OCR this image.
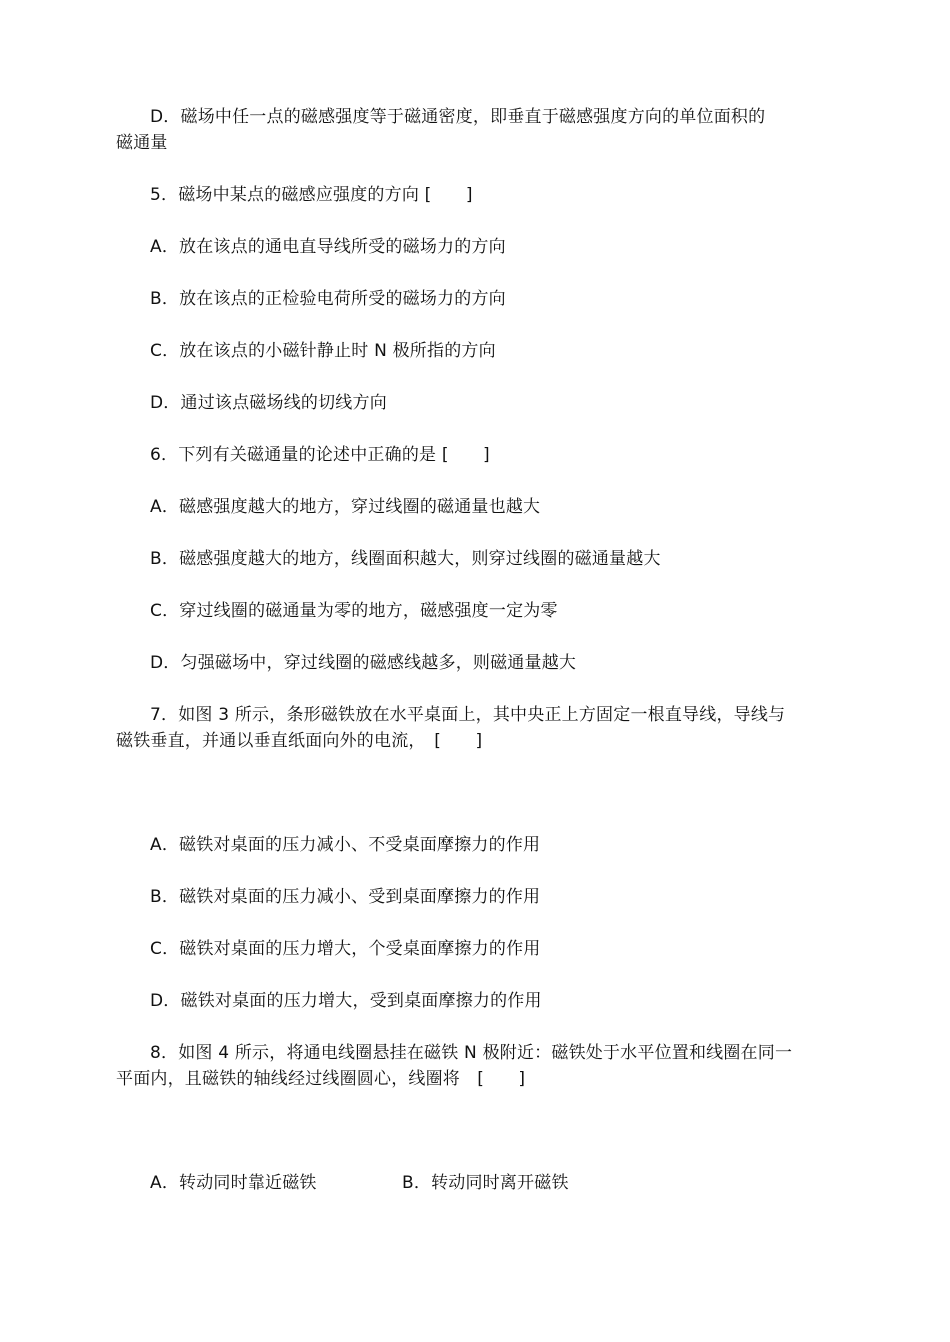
D．磁场中任一点的磁感强度等于磁通密度，即垂直于磁感强度方向的单位面积的
磁通量
5．磁场中某点的磁感应强度的方向 [　　]
A．放在该点的通电直导线所受的磁场力的方向
B．放在该点的正检验电荷所受的磁场力的方向
C．放在该点的小磁针静止时 N 极所指的方向
D．通过该点磁场线的切线方向
6．下列有关磁通量的论述中正确的是 [　　]
A．磁感强度越大的地方，穿过线圈的磁通量也越大
B．磁感强度越大的地方，线圈面积越大，则穿过线圈的磁通量越大
C．穿过线圈的磁通量为零的地方，磁感强度一定为零
D．匀强磁场中，穿过线圈的磁感线越多，则磁通量越大
7．如图 3 所示，条形磁铁放在水平桌面上，其中央正上方固定一根直导线，导线与
磁铁垂直，并通以垂直纸面向外的电流，　[　　]
A．磁铁对桌面的压力减小、不受桌面摩擦力的作用
B．磁铁对桌面的压力减小、受到桌面摩擦力的作用
C．磁铁对桌面的压力增大，个受桌面摩擦力的作用
D．磁铁对桌面的压力增大，受到桌面摩擦力的作用
8．如图 4 所示，将通电线圈悬挂在磁铁 N 极附近：磁铁处于水平位置和线圈在同一
平面内，且磁铁的轴线经过线圈圆心，线圈将　[　　]
A．转动同时靠近磁铁	B．转动同时离开磁铁
